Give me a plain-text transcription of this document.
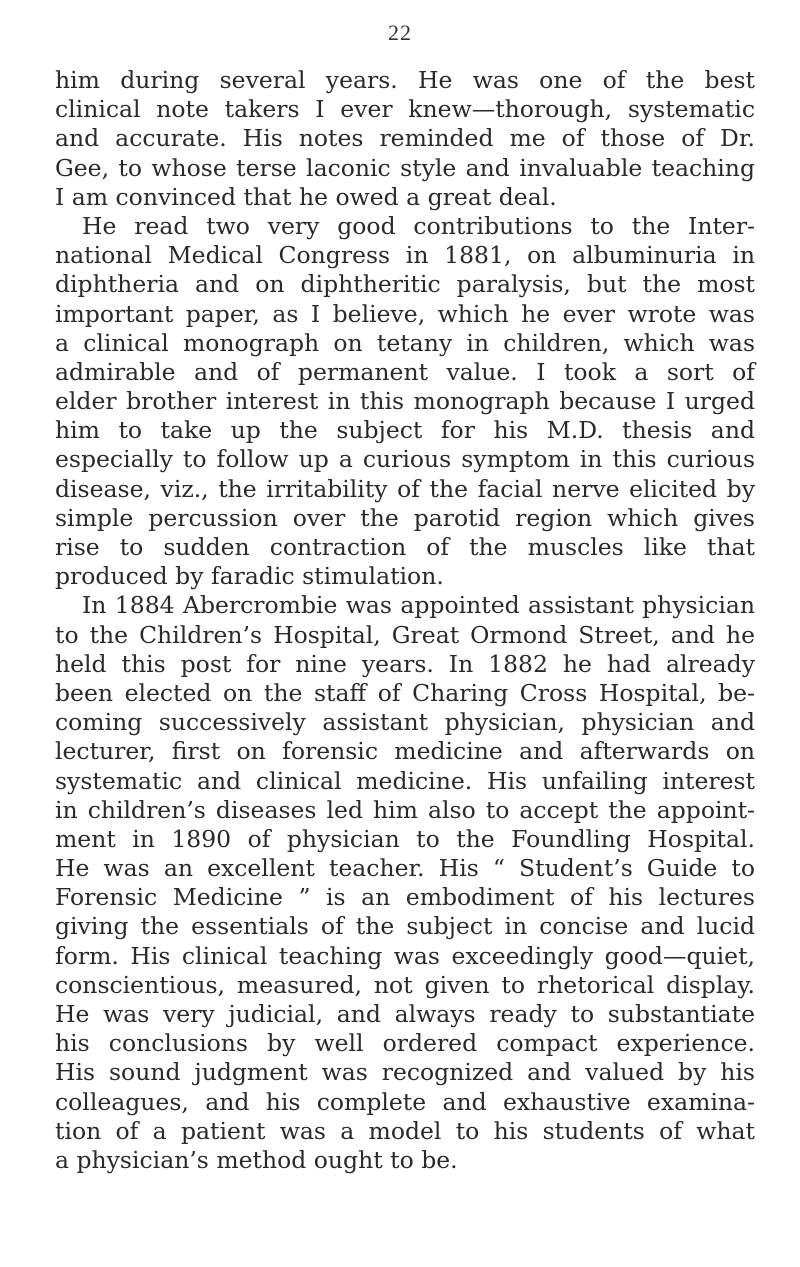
22
him during several years. He was one of the best
clinical note takers I ever knew—thorough, systematic
and accurate. His notes reminded me of those of Dr.
Gee, to whose terse laconic style and invaluable teaching
I am convinced that he owed a great deal.
He read two very good contributions to the Inter-
national Medical Congress in 1881, on albuminuria in
diphtheria and on diphtheritic paralysis, but the most
important paper, as I believe, which he ever wrote was
a clinical monograph on tetany in children, which was
admirable and of permanent value. I took a sort of
elder brother interest in this monograph because I urged
him to take up the subject for his M.D. thesis and
especially to follow up a curious symptom in this curious
disease, viz., the irritability of the facial nerve elicited by
simple percussion over the parotid region which gives
rise to sudden contraction of the muscles like that
produced by faradic stimulation.
In 1884 Abercrombie was appointed assistant physician
to the Children’s Hospital, Great Ormond Street, and he
held this post for nine years. In 1882 he had already
been elected on the staff of Charing Cross Hospital, be-
coming successively assistant physician, physician and
lecturer, first on forensic medicine and afterwards on
systematic and clinical medicine. His unfailing interest
in children’s diseases led him also to accept the appoint-
ment in 1890 of physician to the Foundling Hospital.
He was an excellent teacher. His “ Student’s Guide to
Forensic Medicine ” is an embodiment of his lectures
giving the essentials of the subject in concise and lucid
form. His clinical teaching was exceedingly good—quiet,
conscientious, measured, not given to rhetorical display.
He was very judicial, and always ready to substantiate
his conclusions by well ordered compact experience.
His sound judgment was recognized and valued by his
colleagues, and his complete and exhaustive examina-
tion of a patient was a model to his students of what
a physician’s method ought to be.
